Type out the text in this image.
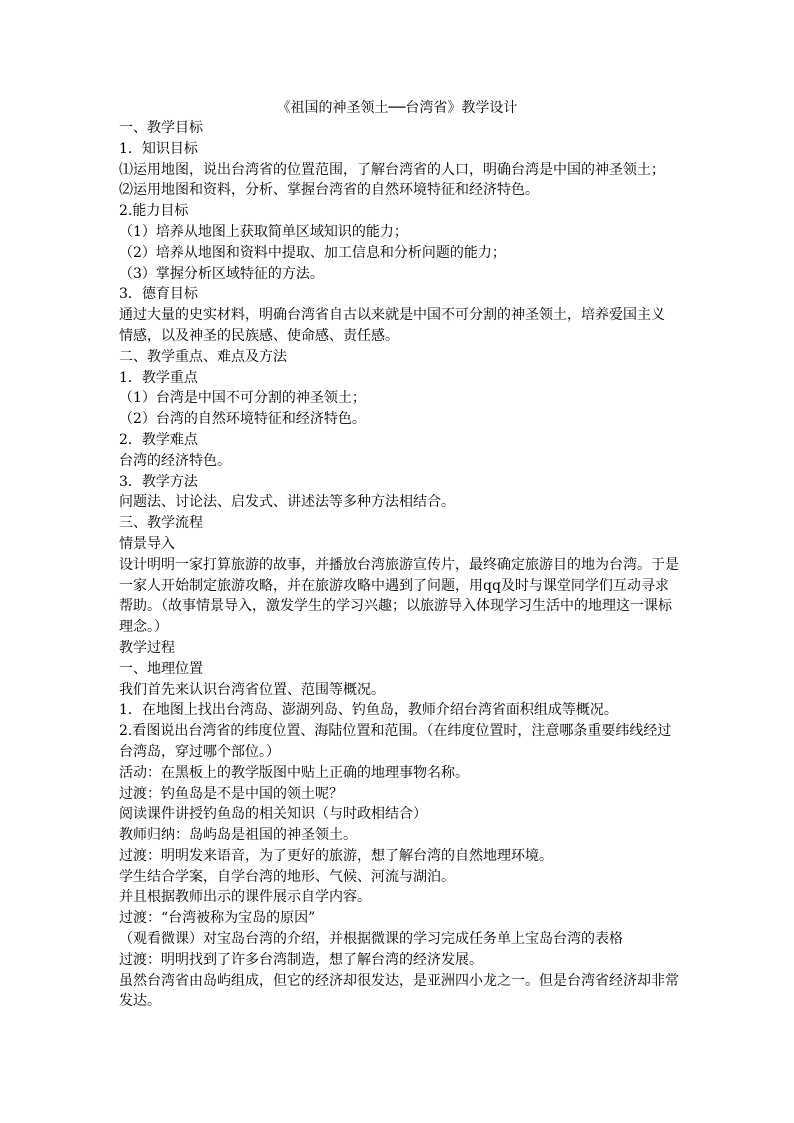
《祖国的神圣领土──台湾省》教学设计
一、教学目标
1．知识目标
⑴运用地图，说出台湾省的位置范围，了解台湾省的人口，明确台湾是中国的神圣领土；
⑵运用地图和资料，分析、掌握台湾省的自然环境特征和经济特色。
2.能力目标
（1）培养从地图上获取简单区域知识的能力；
（2）培养从地图和资料中提取、加工信息和分析问题的能力；
（3）掌握分析区域特征的方法。
3．德育目标
通过大量的史实材料，明确台湾省自古以来就是中国不可分割的神圣领土，培养爱国主义
情感，以及神圣的民族感、使命感、责任感。
二、教学重点、难点及方法
1．教学重点
（1）台湾是中国不可分割的神圣领土；
（2）台湾的自然环境特征和经济特色。
2．教学难点
台湾的经济特色。
3．教学方法
问题法、讨论法、启发式、讲述法等多种方法相结合。
三、教学流程
情景导入
设计明明一家打算旅游的故事，并播放台湾旅游宣传片，最终确定旅游目的地为台湾。于是
一家人开始制定旅游攻略，并在旅游攻略中遇到了问题，用qq及时与课堂同学们互动寻求
帮助。（故事情景导入，激发学生的学习兴趣；以旅游导入体现学习生活中的地理这一课标
理念。）
教学过程
一、地理位置
我们首先来认识台湾省位置、范围等概况。
1．在地图上找出台湾岛、澎湖列岛、钓鱼岛，教师介绍台湾省面积组成等概况。
2.看图说出台湾省的纬度位置、海陆位置和范围。（在纬度位置时，注意哪条重要纬线经过
台湾岛，穿过哪个部位。）
活动：在黑板上的教学版图中贴上正确的地理事物名称。
过渡：钓鱼岛是不是中国的领土呢？
阅读课件讲授钓鱼岛的相关知识（与时政相结合）
教师归纳：岛屿岛是祖国的神圣领土。
过渡：明明发来语音，为了更好的旅游，想了解台湾的自然地理环境。
学生结合学案，自学台湾的地形、气候、河流与湖泊。
并且根据教师出示的课件展示自学内容。
过渡：“台湾被称为宝岛的原因”
（观看微课）对宝岛台湾的介绍，并根据微课的学习完成任务单上宝岛台湾的表格
过渡：明明找到了许多台湾制造，想了解台湾的经济发展。
虽然台湾省由岛屿组成，但它的经济却很发达，是亚洲四小龙之一。但是台湾省经济却非常
发达。
